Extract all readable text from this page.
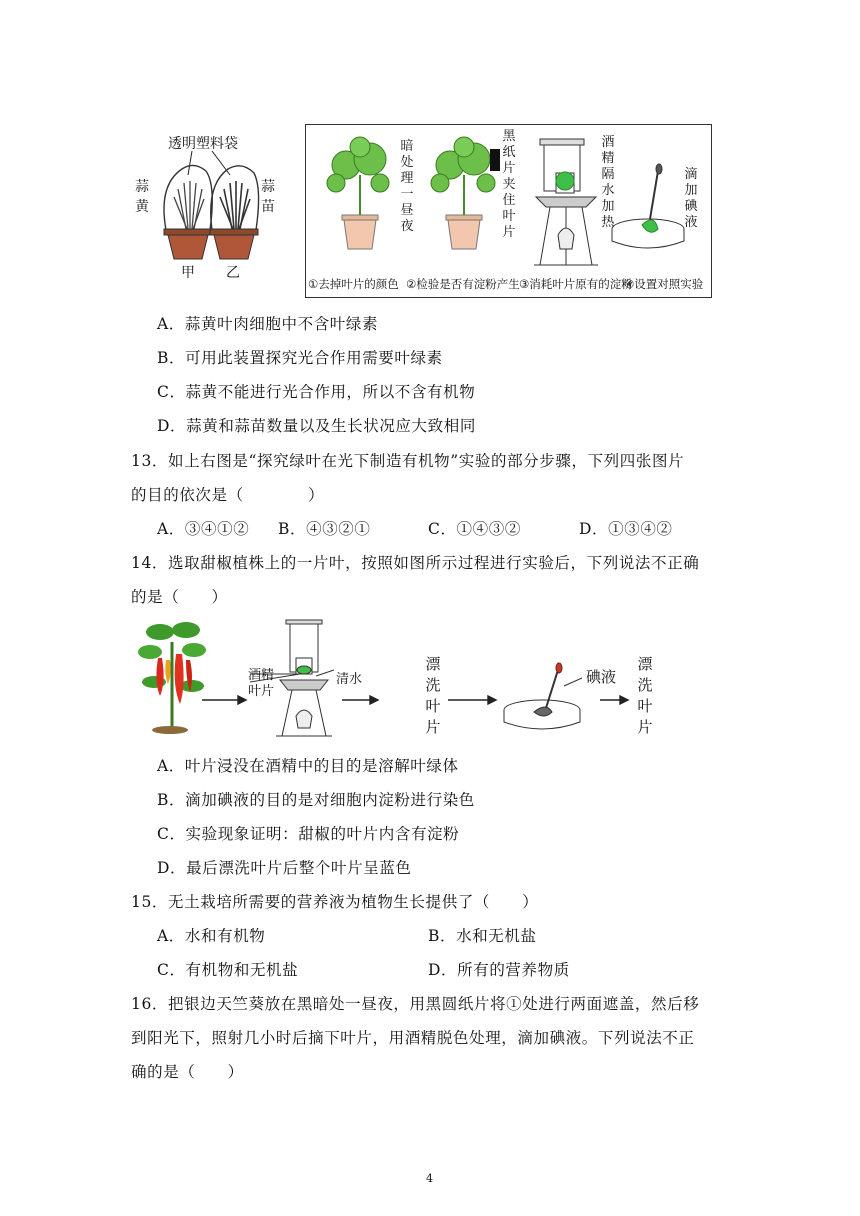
透明塑料袋
蒜黄
蒜苗
甲 乙
暗处理一昼夜
黑纸片夹住叶片
酒精隔水加热
滴加碘液
①去掉叶片的颜色 ②检验是否有淀粉产生 ③消耗叶片原有的淀粉
④设置对照实验
A．蒜黄叶肉细胞中不含叶绿素
B．可用此装置探究光合作用需要叶绿素
C．蒜黄不能进行光合作用，所以不含有机物
D．蒜黄和蒜苗数量以及生长状况应大致相同
13．如上右图是“探究绿叶在光下制造有机物”实验的部分步骤，下列四张图片
的目的依次是（　　　　）
A．③④①② B．④③②①	C．①④③②	D．①③④②
14．选取甜椒植株上的一片叶，按照如图所示过程进行实验后，下列说法不正确
的是（　　）
酒精
叶片
清水
漂洗叶片
碘液
漂洗叶片
A．叶片浸没在酒精中的目的是溶解叶绿体
B．滴加碘液的目的是对细胞内淀粉进行染色
C．实验现象证明：甜椒的叶片内含有淀粉
D．最后漂洗叶片后整个叶片呈蓝色
15．无土栽培所需要的营养液为植物生长提供了（　　）
A．水和有机物	B．水和无机盐
C．有机物和无机盐	D．所有的营养物质
16．把银边天竺葵放在黑暗处一昼夜，用黑圆纸片将①处进行两面遮盖，然后移
到阳光下，照射几小时后摘下叶片，用酒精脱色处理，滴加碘液。下列说法不正
确的是（　　）
4
